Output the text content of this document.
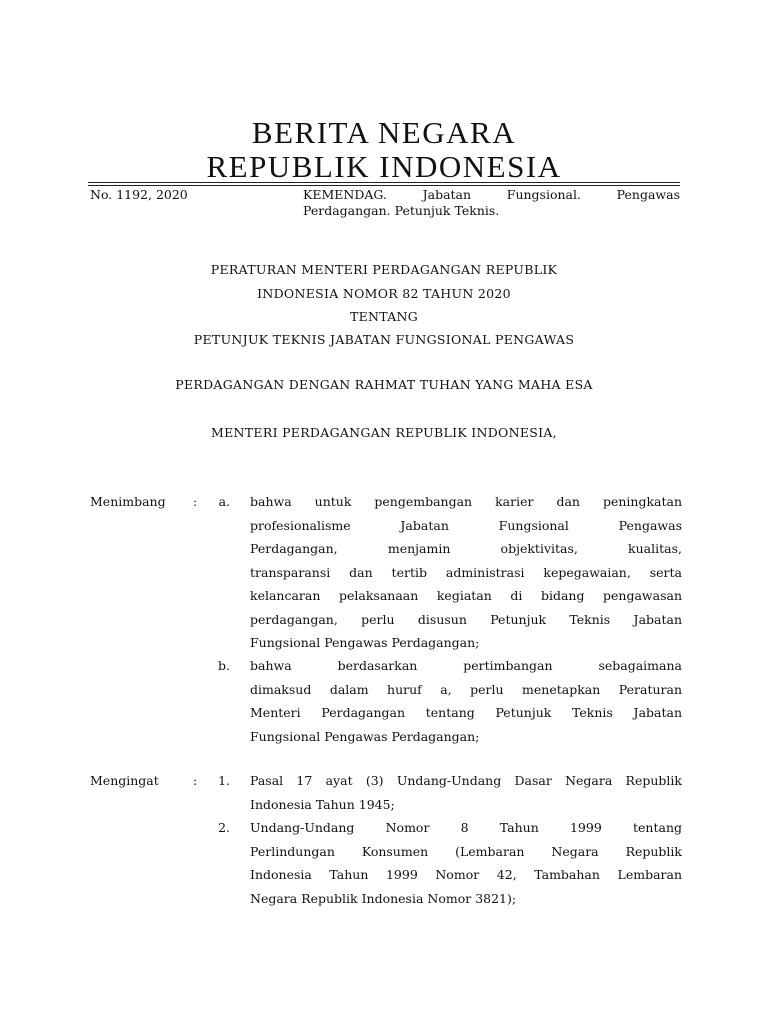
BERITA NEGARA
REPUBLIK INDONESIA
No. 1192, 2020	KEMENDAG. Jabatan Fungsional. Pengawas
Perdagangan. Petunjuk Teknis.
PERATURAN MENTERI PERDAGANGAN REPUBLIK
INDONESIA NOMOR 82 TAHUN 2020
TENTANG
PETUNJUK TEKNIS JABATAN FUNGSIONAL PENGAWAS
PERDAGANGAN DENGAN RAHMAT TUHAN YANG MAHA ESA
MENTERI PERDAGANGAN REPUBLIK INDONESIA,
Menimbang :	a. bahwa untuk pengembangan karier dan peningkatan
profesionalisme Jabatan Fungsional Pengawas
Perdagangan, menjamin objektivitas, kualitas,
transparansi dan tertib administrasi kepegawaian, serta
kelancaran pelaksanaan kegiatan di bidang pengawasan
perdagangan, perlu disusun Petunjuk Teknis Jabatan
Fungsional Pengawas Perdagangan;
b. bahwa berdasarkan pertimbangan sebagaimana
dimaksud dalam huruf a, perlu menetapkan Peraturan
Menteri Perdagangan tentang Petunjuk Teknis Jabatan
Fungsional Pengawas Perdagangan;
Mengingat	:	1. Pasal 17 ayat (3) Undang-Undang Dasar Negara Republik
Indonesia Tahun 1945;
2. Undang-Undang Nomor 8 Tahun 1999 tentang
Perlindungan Konsumen (Lembaran Negara Republik
Indonesia Tahun 1999 Nomor 42, Tambahan Lembaran
Negara Republik Indonesia Nomor 3821);
